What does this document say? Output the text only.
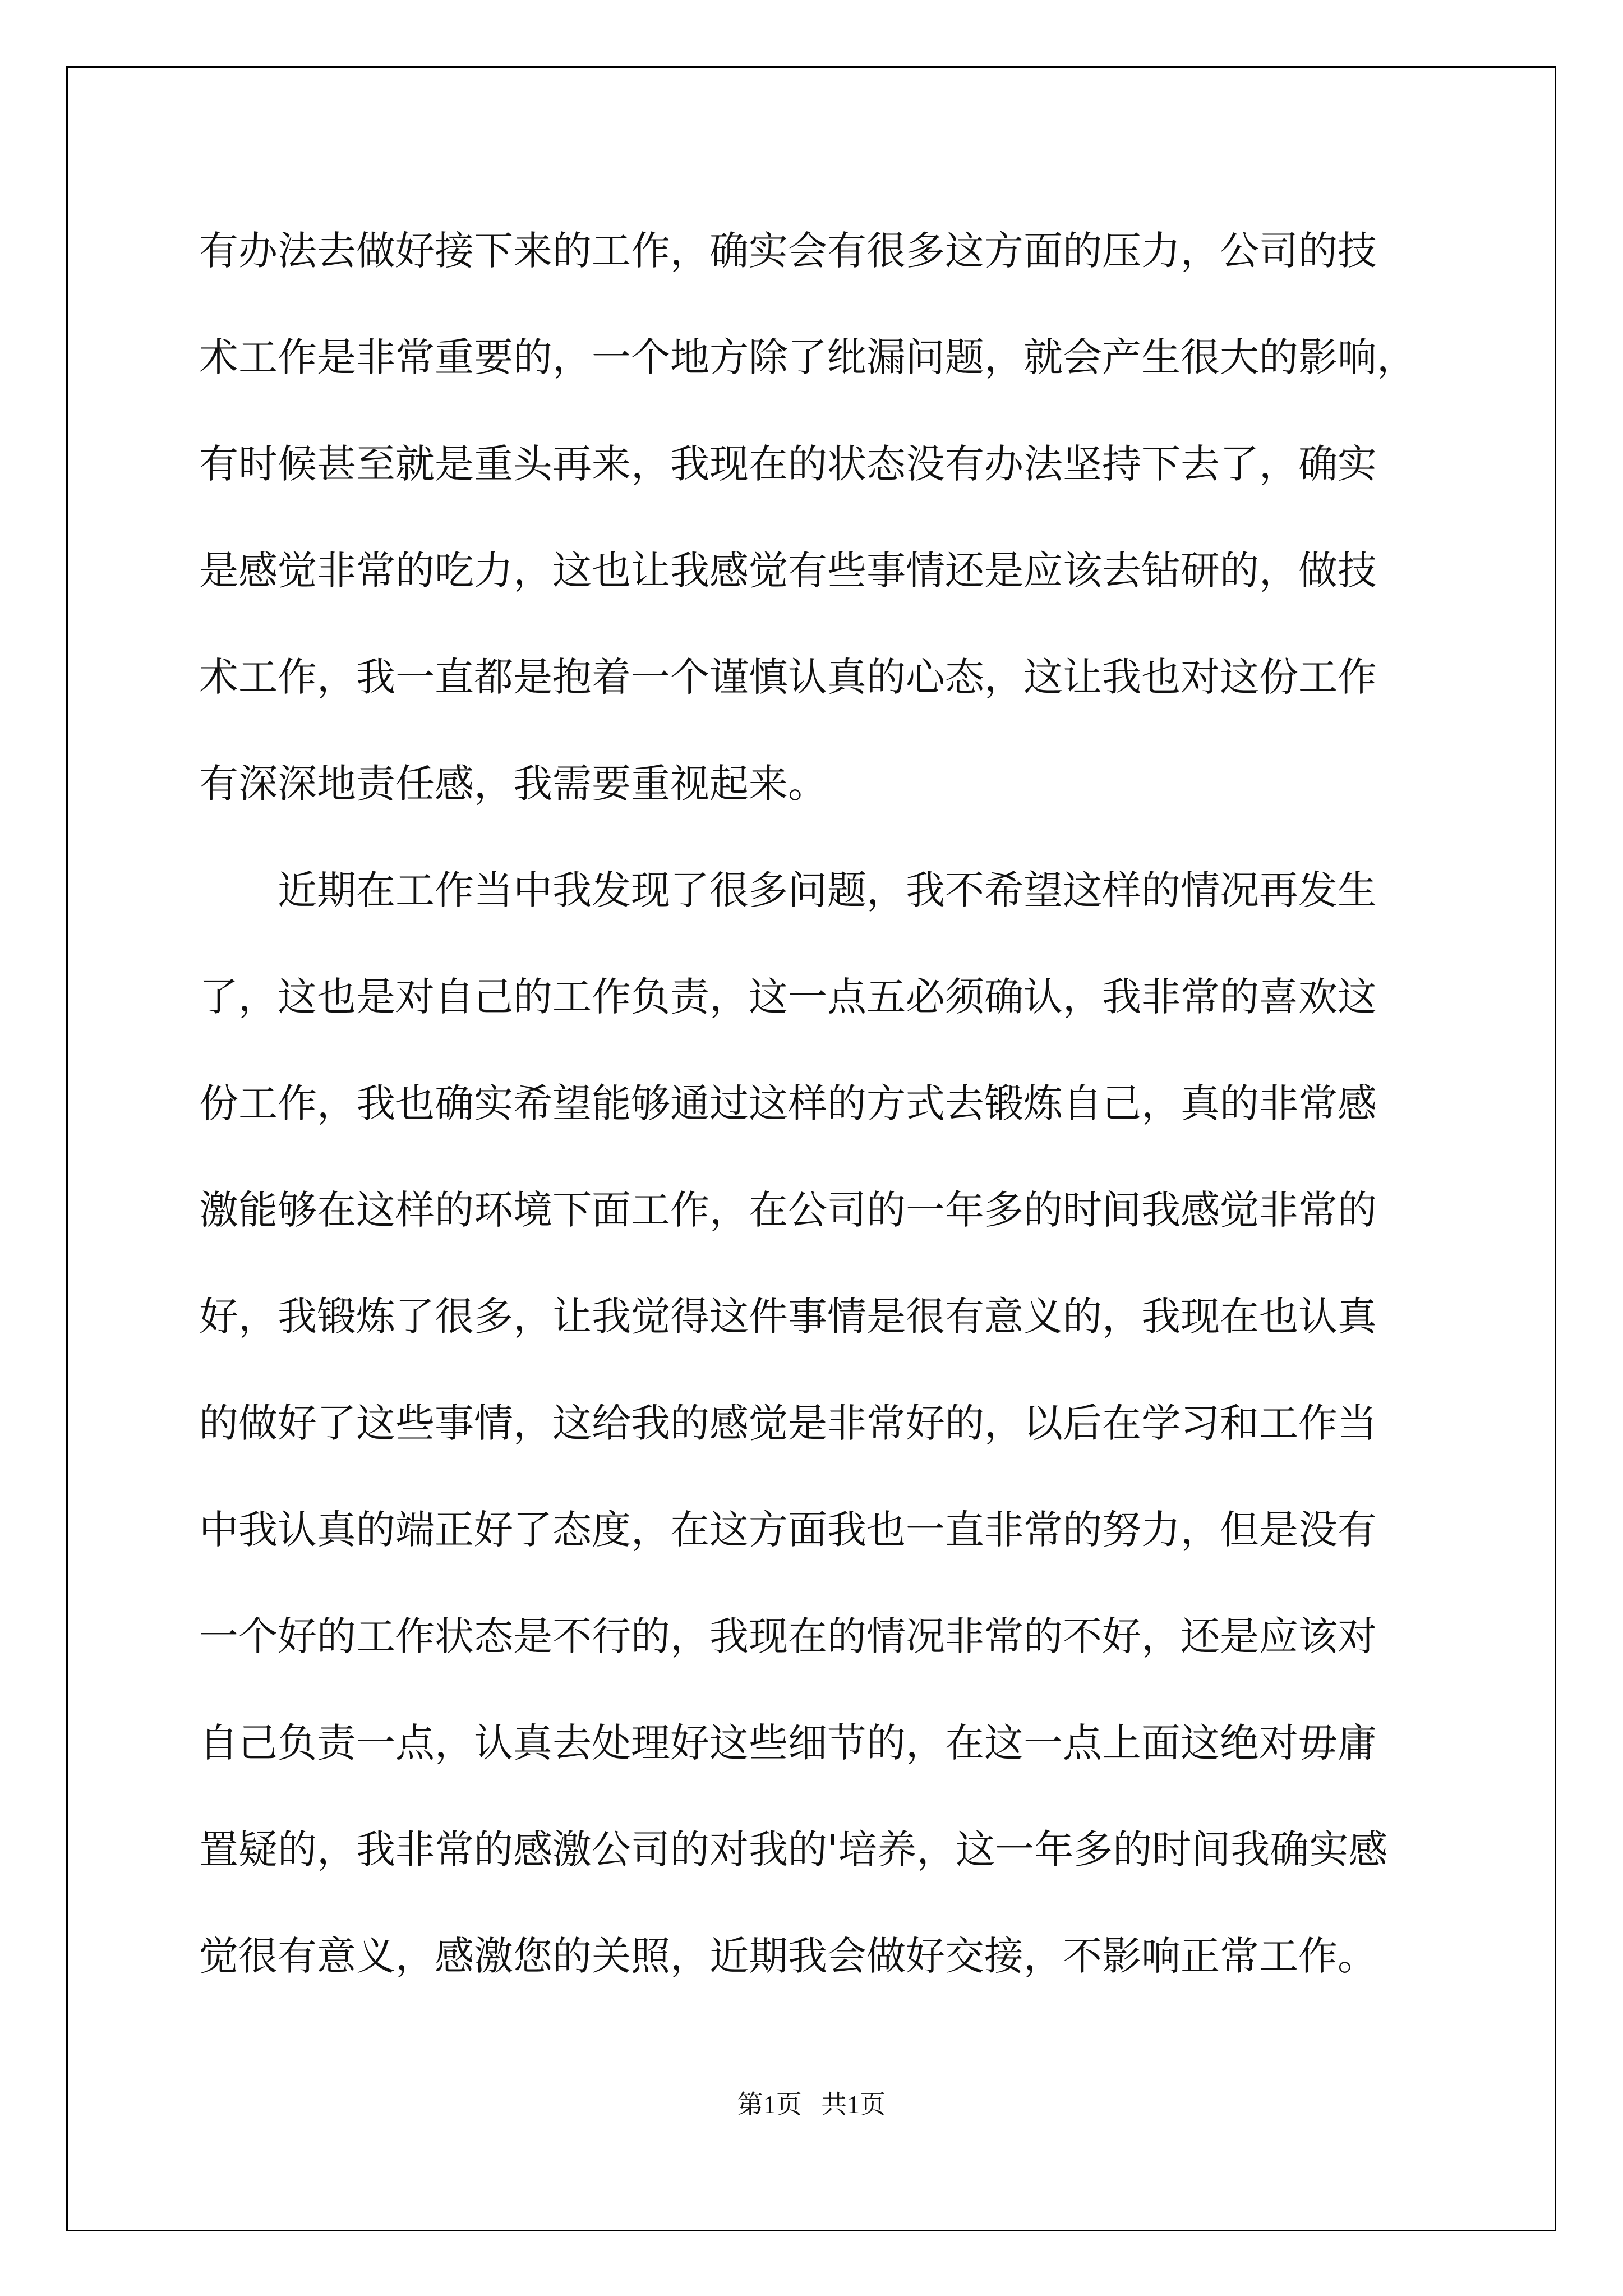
有办法去做好接下来的工作，确实会有很多这方面的压力，公司的技
术工作是非常重要的，一个地方除了纰漏问题，就会产生很大的影响，
有时候甚至就是重头再来，我现在的状态没有办法坚持下去了，确实
是感觉非常的吃力，这也让我感觉有些事情还是应该去钻研的，做技
术工作，我一直都是抱着一个谨慎认真的心态，这让我也对这份工作
有深深地责任感，我需要重视起来。

近期在工作当中我发现了很多问题，我不希望这样的情况再发生
了，这也是对自己的工作负责，这一点五必须确认，我非常的喜欢这
份工作，我也确实希望能够通过这样的方式去锻炼自己，真的非常感
激能够在这样的环境下面工作，在公司的一年多的时间我感觉非常的
好，我锻炼了很多，让我觉得这件事情是很有意义的，我现在也认真
的做好了这些事情，这给我的感觉是非常好的，以后在学习和工作当
中我认真的端正好了态度，在这方面我也一直非常的努力，但是没有
一个好的工作状态是不行的，我现在的情况非常的不好，还是应该对
自己负责一点，认真去处理好这些细节的，在这一点上面这绝对毋庸
置疑的，我非常的感激公司的对我的'培养，这一年多的时间我确实感
觉很有意义，感激您的关照，近期我会做好交接，不影响正常工作。

第1页   共1页
